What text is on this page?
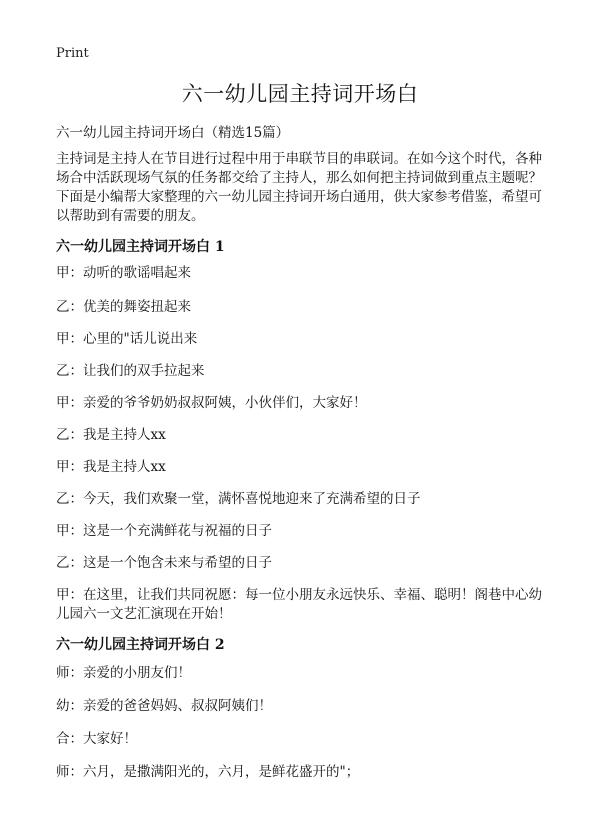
Print
六一幼儿园主持词开场白
六一幼儿园主持词开场白（精选15篇）
主持词是主持人在节目进行过程中用于串联节目的串联词。在如今这个时代，各种场合中活跃现场气氛的任务都交给了主持人，那么如何把主持词做到重点主题呢？下面是小编帮大家整理的六一幼儿园主持词开场白通用，供大家参考借鉴，希望可以帮助到有需要的朋友。
六一幼儿园主持词开场白 1
甲：动听的歌谣唱起来
乙：优美的舞姿扭起来
甲：心里的"话儿说出来
乙：让我们的双手拉起来
甲：亲爱的爷爷奶奶叔叔阿姨，小伙伴们，大家好！
乙：我是主持人xx
甲：我是主持人xx
乙：今天，我们欢聚一堂，满怀喜悦地迎来了充满希望的日子
甲：这是一个充满鲜花与祝福的日子
乙：这是一个饱含未来与希望的日子
甲：在这里，让我们共同祝愿：每一位小朋友永远快乐、幸福、聪明！阁巷中心幼儿园六一文艺汇演现在开始！
六一幼儿园主持词开场白 2
师：亲爱的小朋友们！
幼：亲爱的爸爸妈妈、叔叔阿姨们！
合：大家好！
师：六月，是撒满阳光的，六月，是鲜花盛开的"；
